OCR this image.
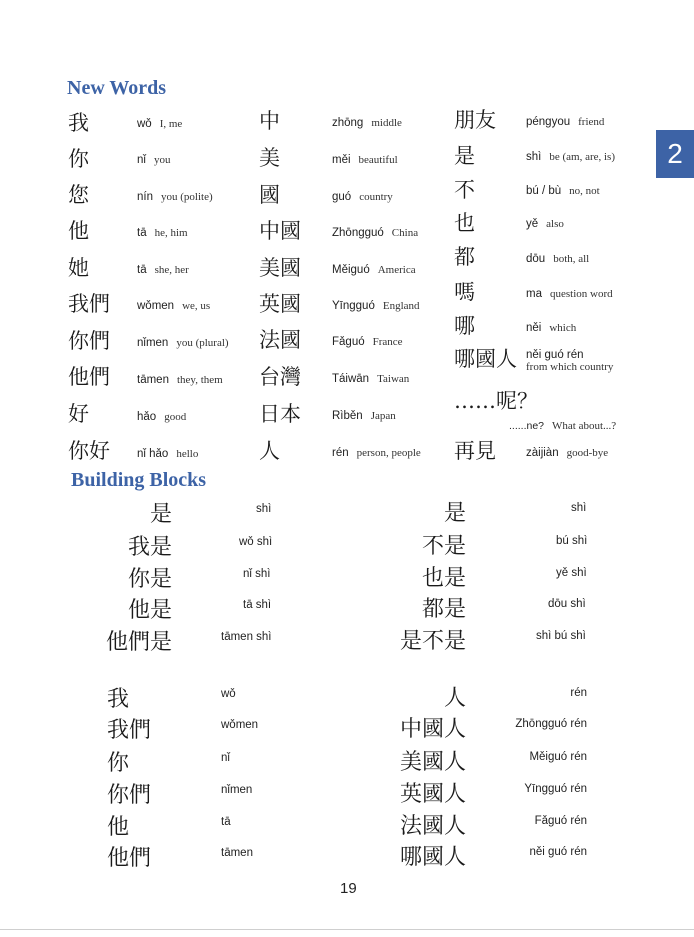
2
New Words
Building Blocks
我	wǒ I, me
你	nǐ you
您	nín you (polite)
他	tā he, him
她	tā she, her
我們 wǒmen we, us
你們 nǐmen you (plural)
他們 tāmen they, them
好	hǎo good
你好 nǐ hǎo hello
中	zhōng middle
美	měi beautiful
國	guó country
中國	Zhōngguó China
美國	Měiguó America
英國	Yīngguó England
法國	Fǎguó France
台灣	Táiwān Taiwan
日本	Rìběn Japan
人	rén person, people
朋友	péngyou friend
是	shì be (am, are, is)
不	bú / bù no, not
也	yě also
都	dōu both, all
嗎	ma question word
哪	něi which
哪國人 něi guó rén
from which country
……呢？
......ne? What about...?
再見	zàijiàn good-bye
是	shì
我是	wǒ shì
你是	nǐ shì
他是	tā shì
他們是	tāmen shì
是	shì
不是	bú shì
也是	yě shì
都是	dōu shì
是不是	shì bú shì
我	wǒ
我們	wǒmen
你	nǐ
你們	nǐmen
他	tā
他們	tāmen
人	rén
中國人	Zhōngguó rén
美國人	Měiguó rén
英國人	Yīngguó rén
法國人	Fǎguó rén
哪國人	něi guó rén
19
